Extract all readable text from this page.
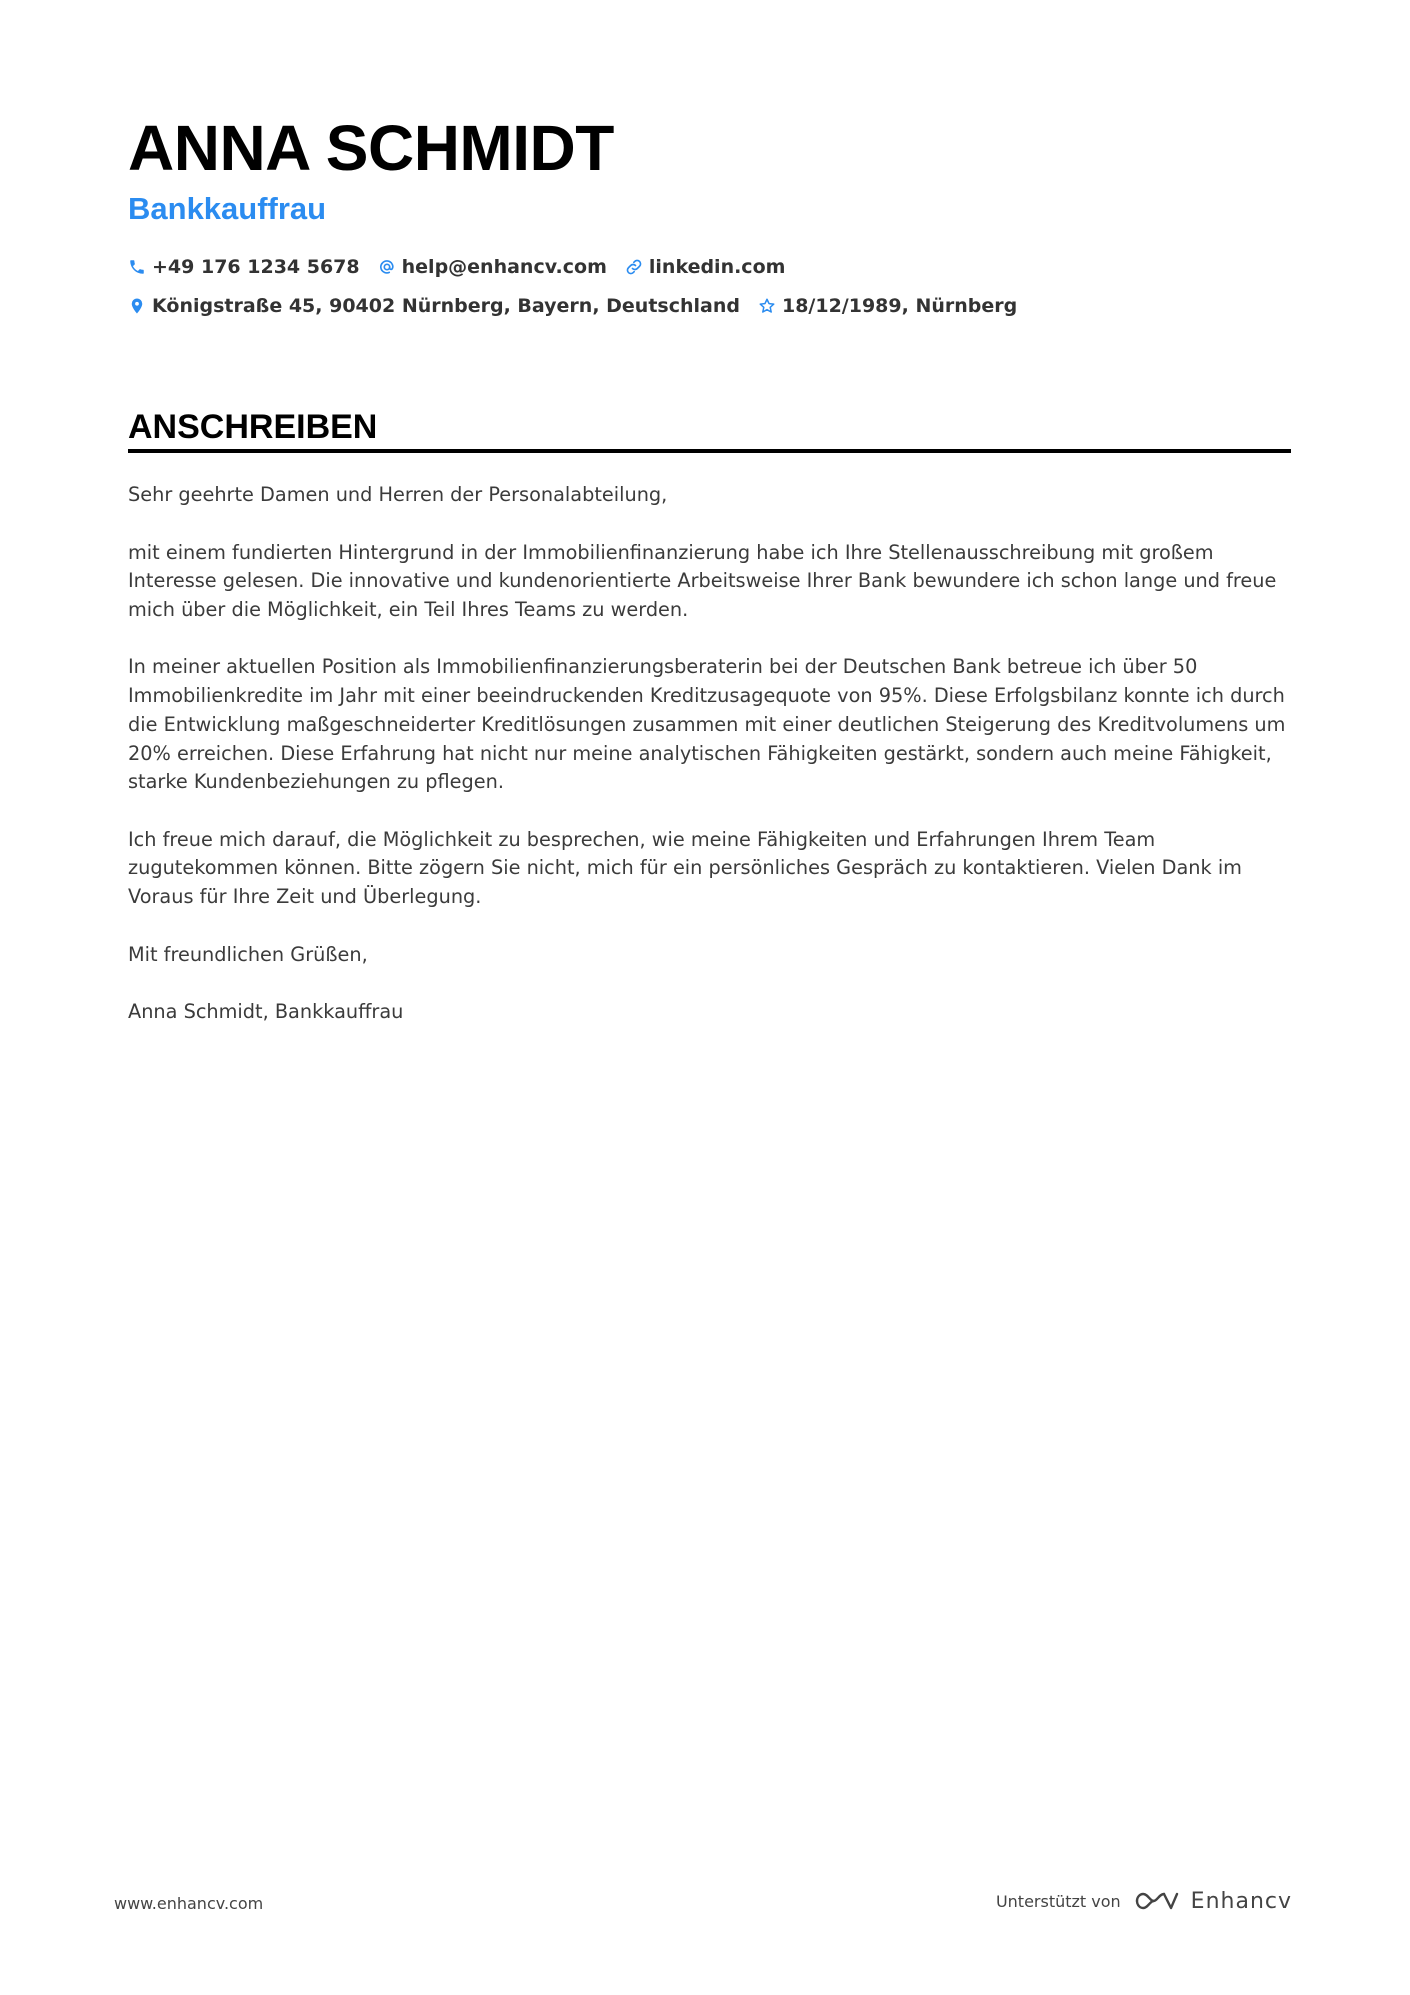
ANNA SCHMIDT
Bankkauffrau
+49 176 1234 5678 help@enhancv.com linkedin.com
Königstraße 45, 90402 Nürnberg, Bayern, Deutschland 18/12/1989, Nürnberg
ANSCHREIBEN

Sehr geehrte Damen und Herren der Personalabteilung,

mit einem fundierten Hintergrund in der Immobilienfinanzierung habe ich Ihre Stellenausschreibung mit großem Interesse gelesen. Die innovative und kundenorientierte Arbeitsweise Ihrer Bank bewundere ich schon lange und freue mich über die Möglichkeit, ein Teil Ihres Teams zu werden.

In meiner aktuellen Position als Immobilienfinanzierungsberaterin bei der Deutschen Bank betreue ich über 50 Immobilienkredite im Jahr mit einer beeindruckenden Kreditzusagequote von 95%. Diese Erfolgsbilanz konnte ich durch die Entwicklung maßgeschneiderter Kreditlösungen zusammen mit einer deutlichen Steigerung des Kreditvolumens um 20% erreichen. Diese Erfahrung hat nicht nur meine analytischen Fähigkeiten gestärkt, sondern auch meine Fähigkeit, starke Kundenbeziehungen zu pflegen.

Ich freue mich darauf, die Möglichkeit zu besprechen, wie meine Fähigkeiten und Erfahrungen Ihrem Team zugutekommen können. Bitte zögern Sie nicht, mich für ein persönliches Gespräch zu kontaktieren. Vielen Dank im Voraus für Ihre Zeit und Überlegung.

Mit freundlichen Grüßen,

Anna Schmidt, Bankkauffrau

www.enhancv.com	Unterstützt von	Enhancv
